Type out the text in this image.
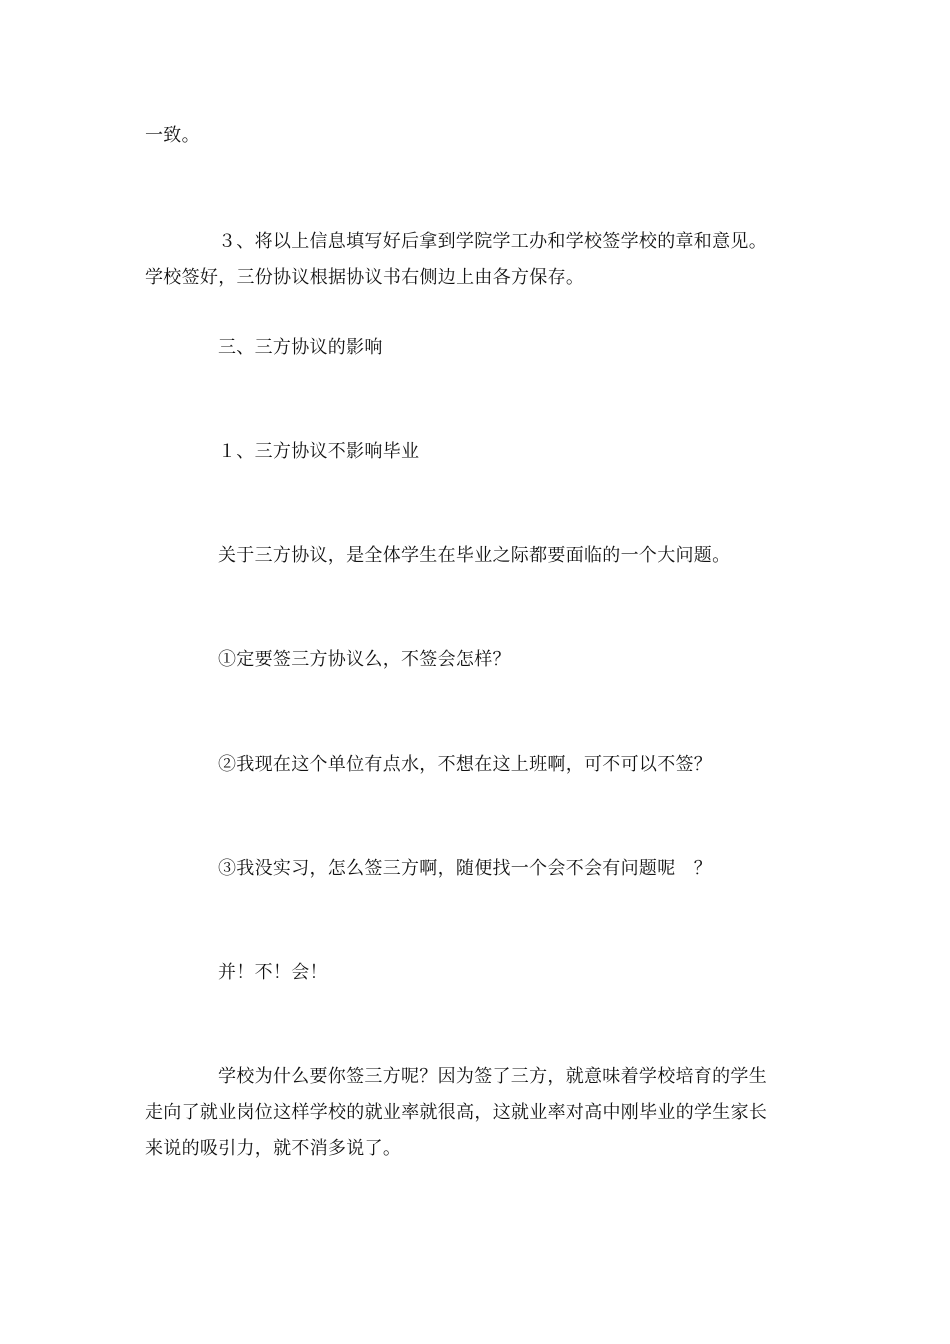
一致。
３、将以上信息填写好后拿到学院学工办和学校签学校的章和意见。
学校签好，三份协议根据协议书右侧边上由各方保存。
三、三方协议的影响
１、三方协议不影响毕业
关于三方协议，是全体学生在毕业之际都要面临的一个大问题。
①定要签三方协议么，不签会怎样？
②我现在这个单位有点水，不想在这上班啊，可不可以不签？
③我没实习，怎么签三方啊，随便找一个会不会有问题呢　？
并！不！会！
学校为什么要你签三方呢？因为签了三方，就意味着学校培育的学生
走向了就业岗位这样学校的就业率就很高，这就业率对高中刚毕业的学生家长
来说的吸引力，就不消多说了。
